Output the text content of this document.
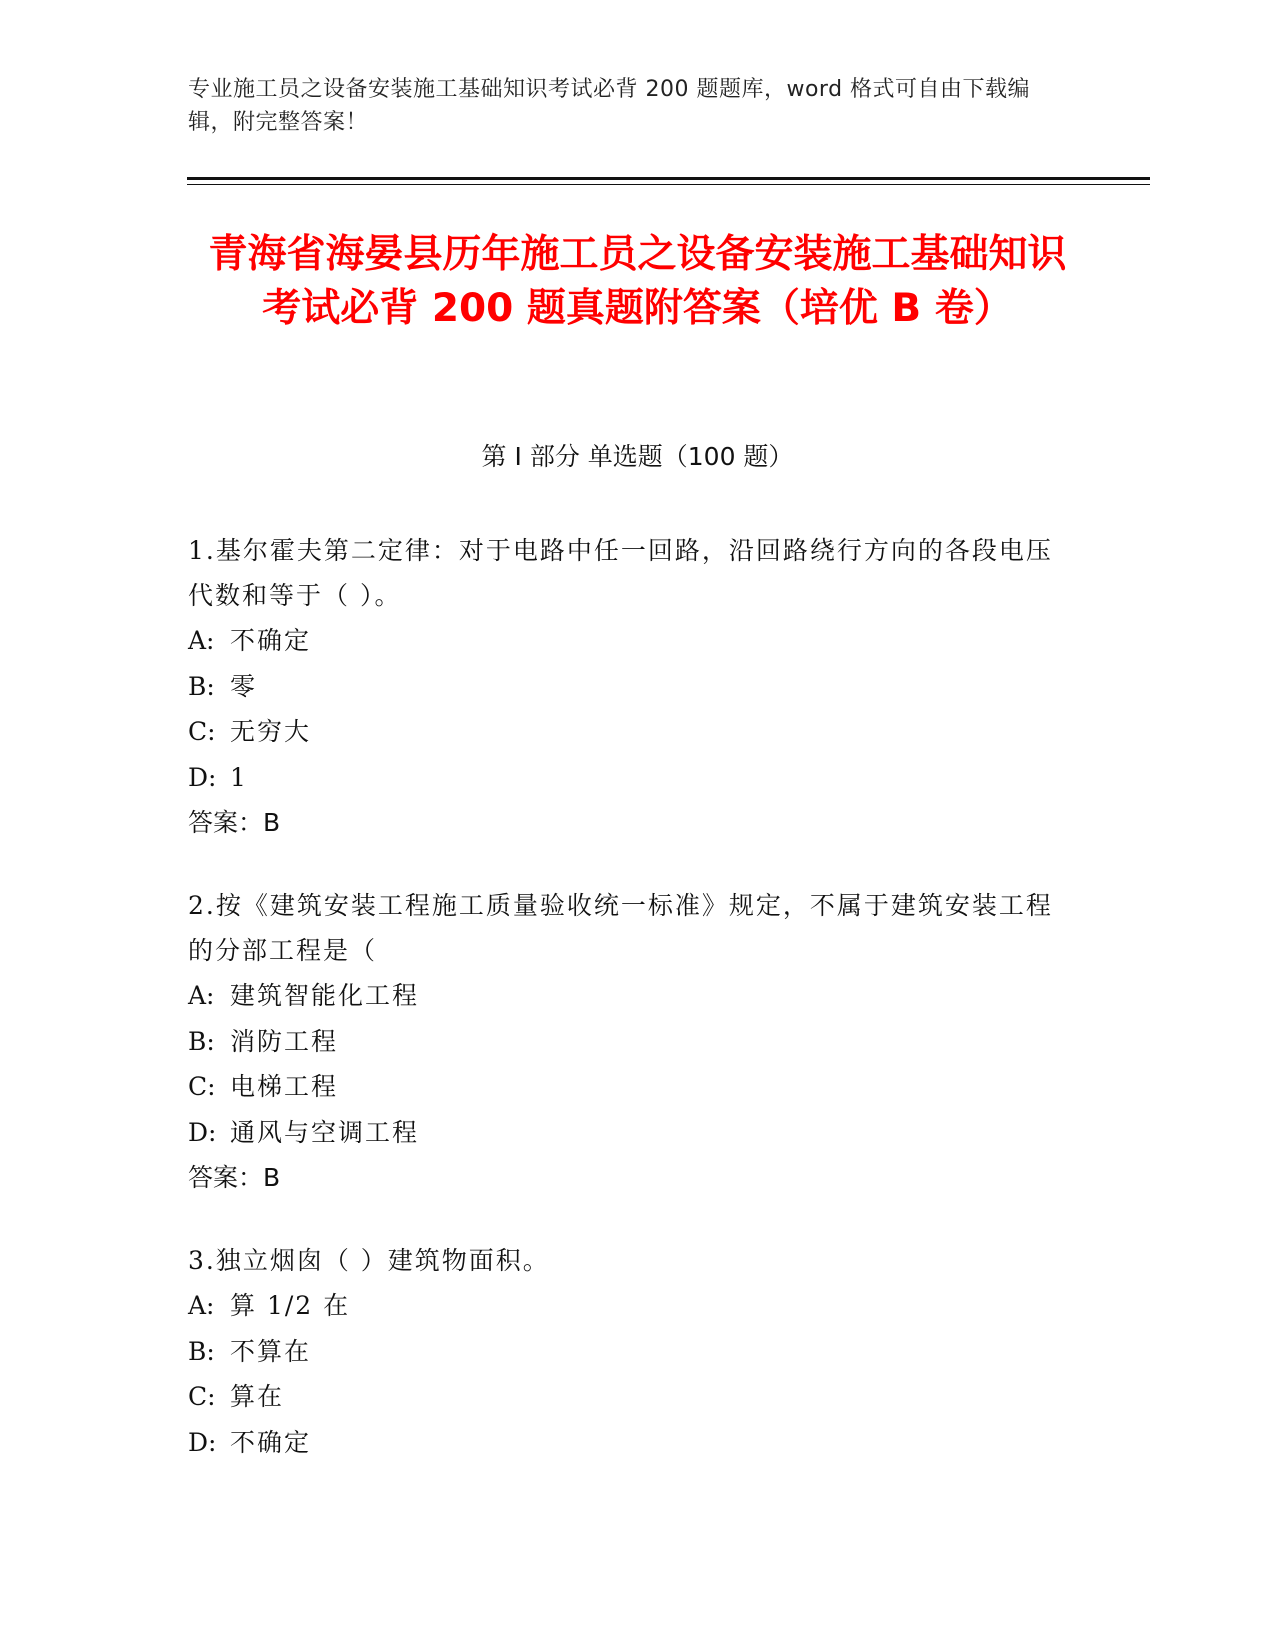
专业施工员之设备安装施工基础知识考试必背 200 题题库，word 格式可自由下载编辑，附完整答案！
青海省海晏县历年施工员之设备安装施工基础知识考试必背 200 题真题附答案（培优 B 卷）
第 I 部分 单选题（100 题）
1.基尔霍夫第二定律：对于电路中任一回路，沿回路绕行方向的各段电压代数和等于（ ）。
A: 不确定
B: 零
C: 无穷大
D: 1
答案：B
2.按《建筑安装工程施工质量验收统一标准》规定，不属于建筑安装工程的分部工程是（
A: 建筑智能化工程
B: 消防工程
C: 电梯工程
D: 通风与空调工程
答案：B
3.独立烟囱（ ）建筑物面积。
A: 算 1/2 在
B: 不算在
C: 算在
D: 不确定
